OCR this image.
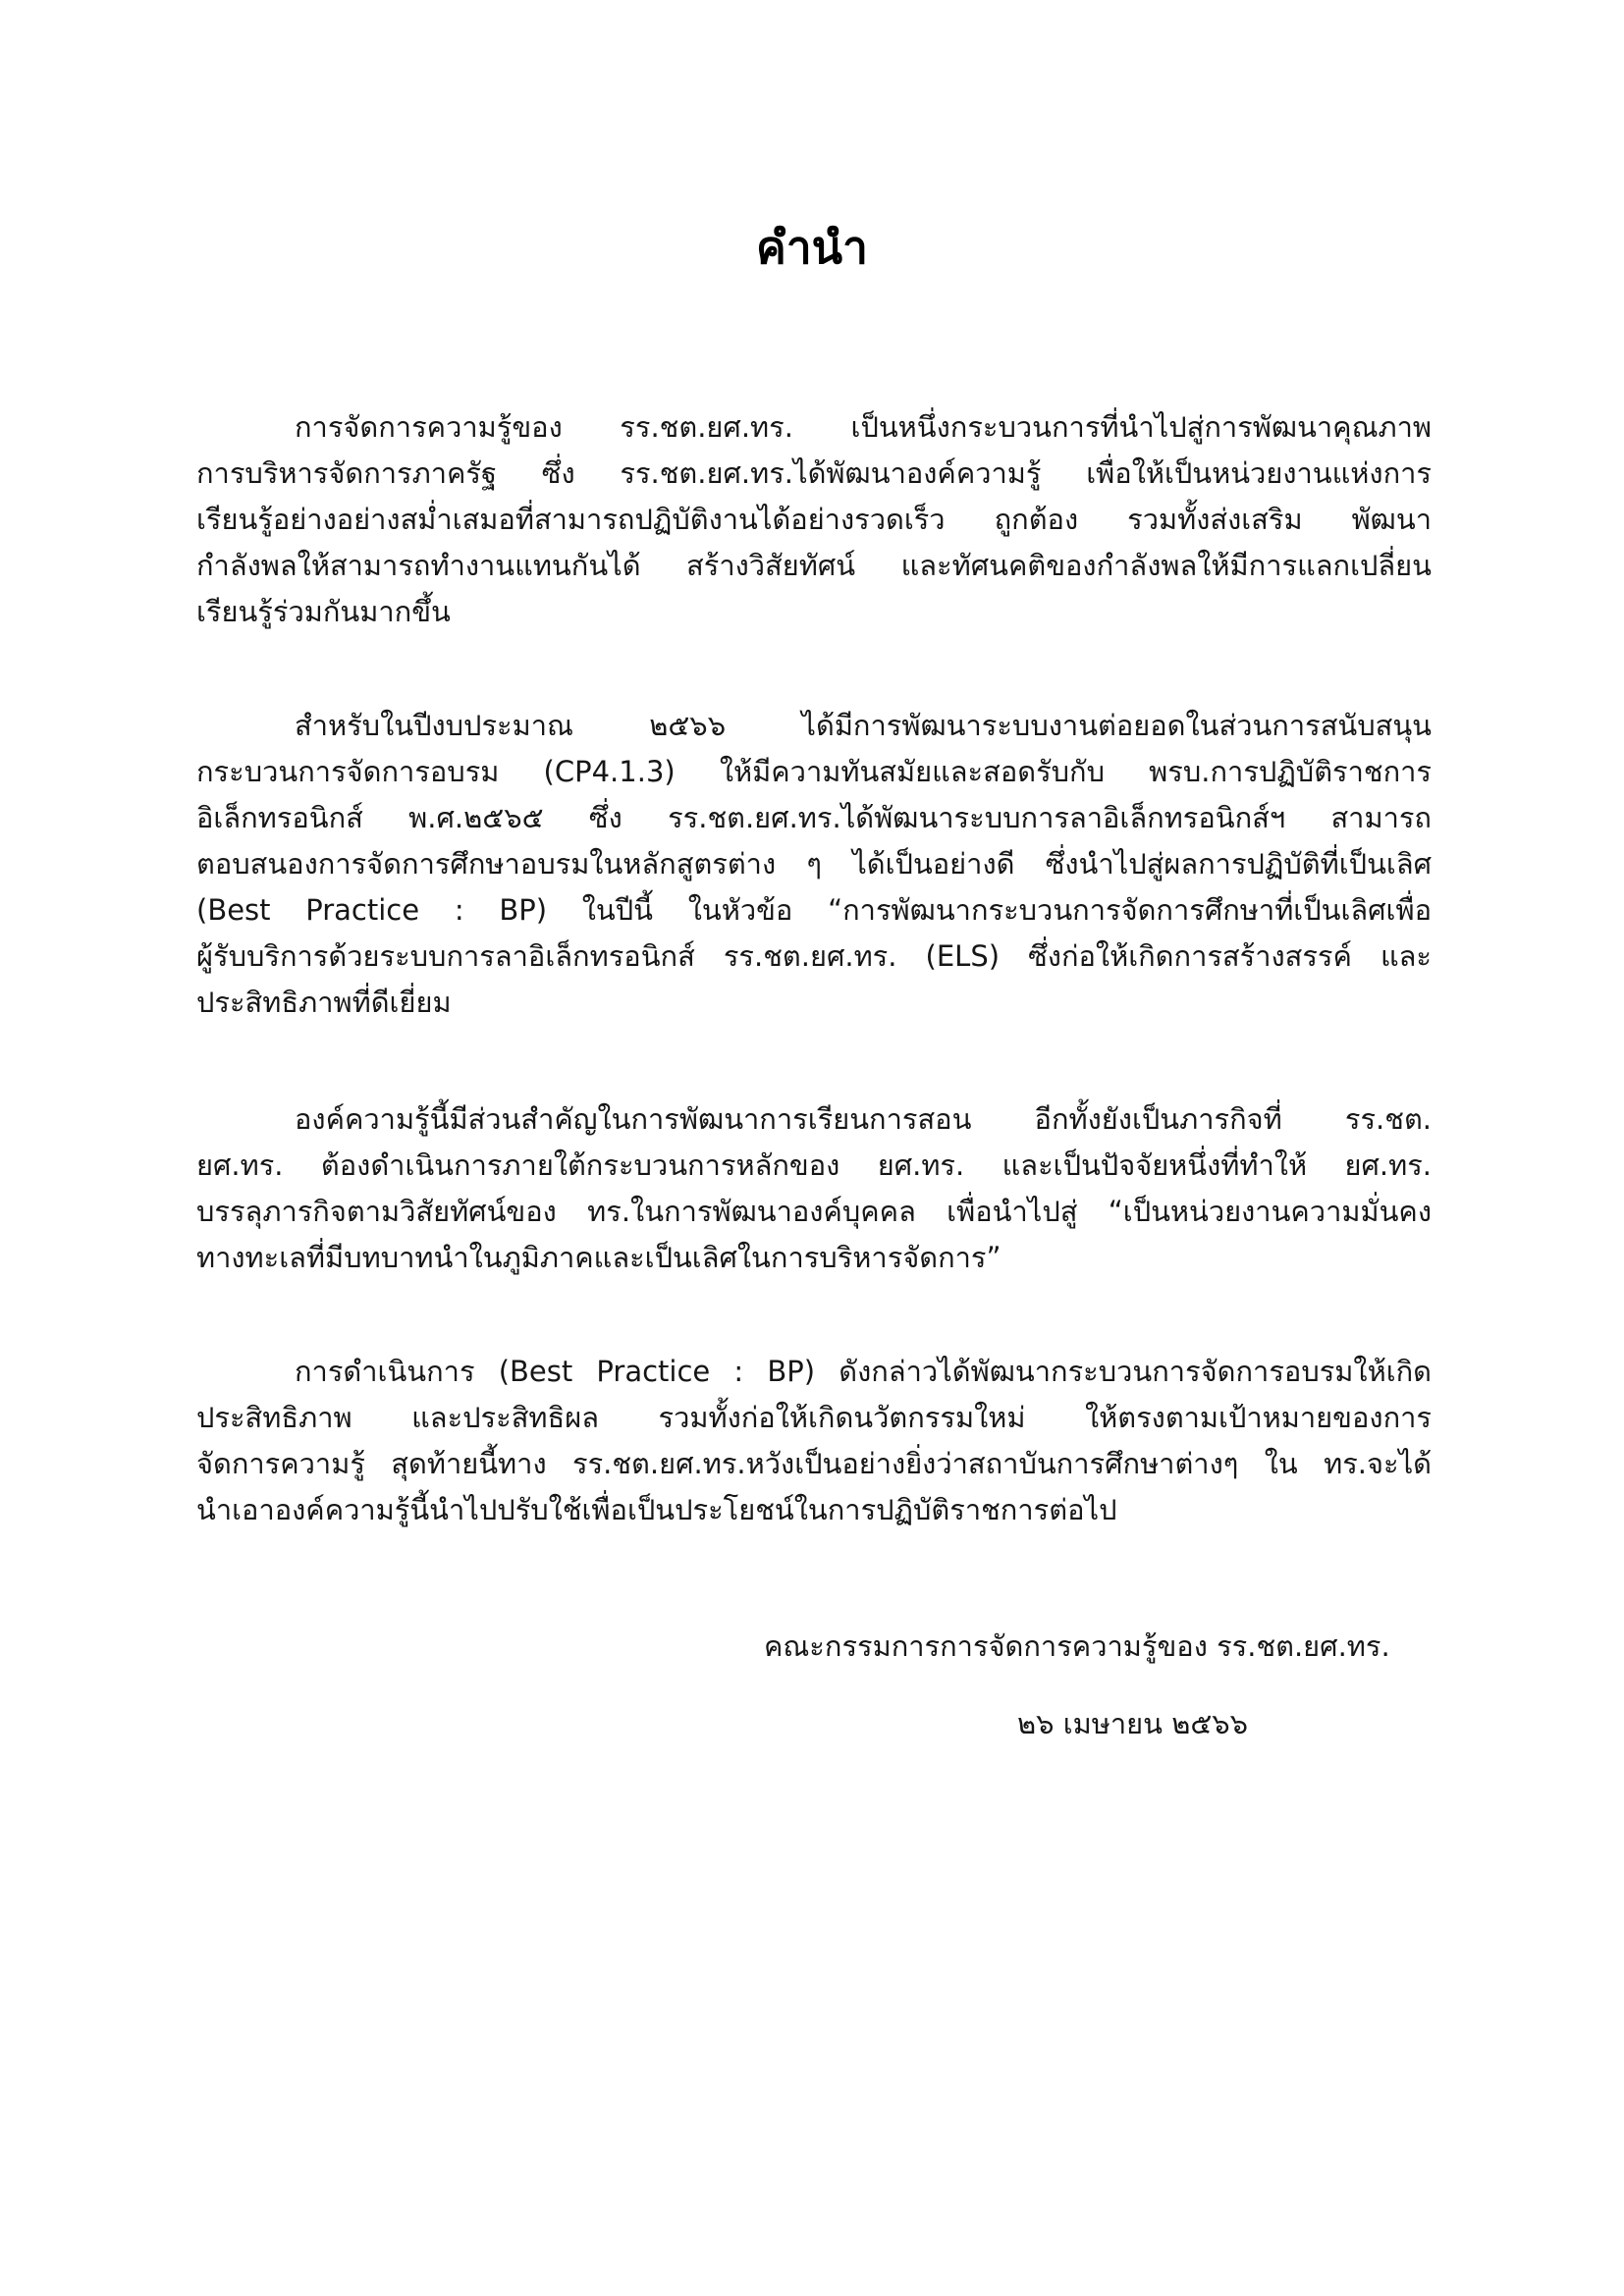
คำนำ

การจัดการความรู้ของ รร.ชต.ยศ.ทร. เป็นหนึ่งกระบวนการที่นำไปสู่การพัฒนาคุณภาพ
การบริหารจัดการภาครัฐ ซึ่ง รร.ชต.ยศ.ทร.ได้พัฒนาองค์ความรู้ เพื่อให้เป็นหน่วยงานแห่งการ
เรียนรู้อย่างอย่างสม่ำเสมอที่สามารถปฏิบัติงานได้อย่างรวดเร็ว ถูกต้อง รวมทั้งส่งเสริม พัฒนา
กำลังพลให้สามารถทำงานแทนกันได้ สร้างวิสัยทัศน์ และทัศนคติของกำลังพลให้มีการแลกเปลี่ยน
เรียนรู้ร่วมกันมากขึ้น

สำหรับในปีงบประมาณ ๒๕๖๖ ได้มีการพัฒนาระบบงานต่อยอดในส่วนการสนับสนุน
กระบวนการจัดการอบรม (CP4.1.3) ให้มีความทันสมัยและสอดรับกับ พรบ.การปฏิบัติราชการ
อิเล็กทรอนิกส์ พ.ศ.๒๕๖๕ ซึ่ง รร.ชต.ยศ.ทร.ได้พัฒนาระบบการลาอิเล็กทรอนิกส์ฯ สามารถ
ตอบสนองการจัดการศึกษาอบรมในหลักสูตรต่าง ๆ ได้เป็นอย่างดี ซึ่งนำไปสู่ผลการปฏิบัติที่เป็นเลิศ
(Best Practice : BP) ในปีนี้ ในหัวข้อ “การพัฒนากระบวนการจัดการศึกษาที่เป็นเลิศเพื่อ
ผู้รับบริการด้วยระบบการลาอิเล็กทรอนิกส์ รร.ชต.ยศ.ทร. (ELS) ซึ่งก่อให้เกิดการสร้างสรรค์ และ
ประสิทธิภาพที่ดีเยี่ยม

องค์ความรู้นี้มีส่วนสำคัญในการพัฒนาการเรียนการสอน อีกทั้งยังเป็นภารกิจที่ รร.ชต.
ยศ.ทร. ต้องดำเนินการภายใต้กระบวนการหลักของ ยศ.ทร. และเป็นปัจจัยหนึ่งที่ทำให้ ยศ.ทร.
บรรลุภารกิจตามวิสัยทัศน์ของ ทร.ในการพัฒนาองค์บุคคล เพื่อนำไปสู่ “เป็นหน่วยงานความมั่นคง
ทางทะเลที่มีบทบาทนำในภูมิภาคและเป็นเลิศในการบริหารจัดการ”

การดำเนินการ (Best Practice : BP) ดังกล่าวได้พัฒนากระบวนการจัดการอบรมให้เกิด
ประสิทธิภาพ และประสิทธิผล รวมทั้งก่อให้เกิดนวัตกรรมใหม่ ให้ตรงตามเป้าหมายของการ
จัดการความรู้ สุดท้ายนี้ทาง รร.ชต.ยศ.ทร.หวังเป็นอย่างยิ่งว่าสถาบันการศึกษาต่างๆ ใน ทร.จะได้
นำเอาองค์ความรู้นี้นำไปปรับใช้เพื่อเป็นประโยชน์ในการปฏิบัติราชการต่อไป

คณะกรรมการการจัดการความรู้ของ รร.ชต.ยศ.ทร.
๒๖ เมษายน ๒๕๖๖
